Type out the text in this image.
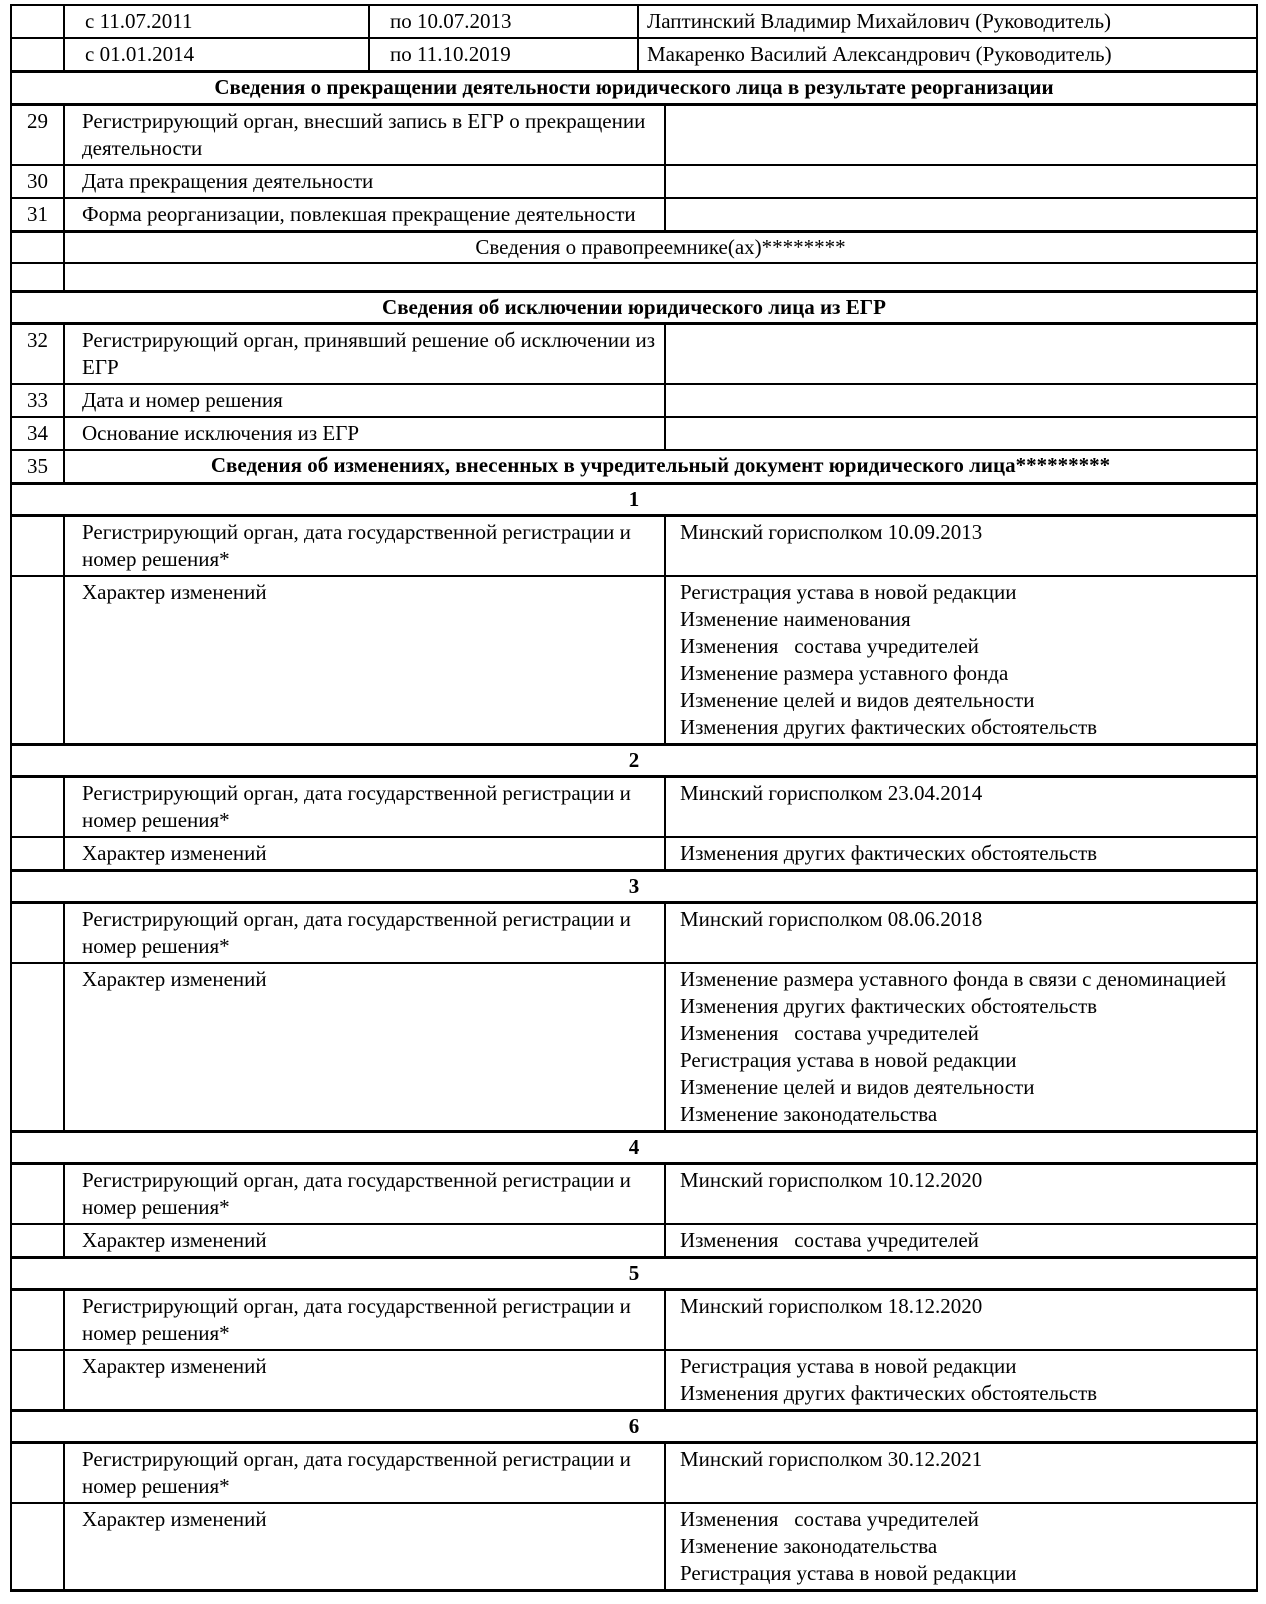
	с 11.07.2011	по 10.07.2013	Лаптинский Владимир Михайлович (Руководитель)	
	с 01.01.2014	по 11.10.2019	Макаренко Василий Александрович (Руководитель)	
Сведения о прекращении деятельности юридического лица в результате реорганизации				
29	Регистрирующий орган, внесший запись в ЕГР о прекращении деятельности			
30	Дата прекращения деятельности			
31	Форма реорганизации, повлекшая прекращение деятельности			
	Сведения о правопреемнике(ах)********			

Сведения об исключении юридического лица из ЕГР				
32	Регистрирующий орган, принявший решение об исключении из ЕГР			
33	Дата и номер решения			
34	Основание исключения из ЕГР			
35	Сведения об изменениях, внесенных в учредительный документ юридического лица*********			
1				
	Регистрирующий орган, дата государственной регистрации и номер решения*			Минский горисполком 10.09.2013
	Характер изменений	Регистрация устава в новой редакции
Изменение наименования
Изменения   состава учредителей
Изменение размера уставного фонда
Изменение целей и видов деятельности
Изменения других фактических обстоятельств

2				
	Регистрирующий орган, дата государственной регистрации и номер решения*			Минский горисполком 23.04.2014
	Характер изменений			Изменения других фактических обстоятельств

3				
	Регистрирующий орган, дата государственной регистрации и номер решения*			Минский горисполком 08.06.2018
	Характер изменений	Изменение размера уставного фонда в связи с деноминацией
Изменения других фактических обстоятельств
Изменения   состава учредителей
Регистрация устава в новой редакции
Изменение целей и видов деятельности
Изменение законодательства

4				
	Регистрирующий орган, дата государственной регистрации и номер решения*			Минский горисполком 10.12.2020
	Характер изменений			Изменения   состава учредителей

5				
	Регистрирующий орган, дата государственной регистрации и номер решения*			Минский горисполком 18.12.2020
	Характер изменений			Регистрация устава в новой редакции
Изменения других фактических обстоятельств

6				
	Регистрирующий орган, дата государственной регистрации и номер решения*			Минский горисполком 30.12.2021
	Характер изменений			Изменения   состава учредителей
Изменение законодательства
Регистрация устава в новой редакции
